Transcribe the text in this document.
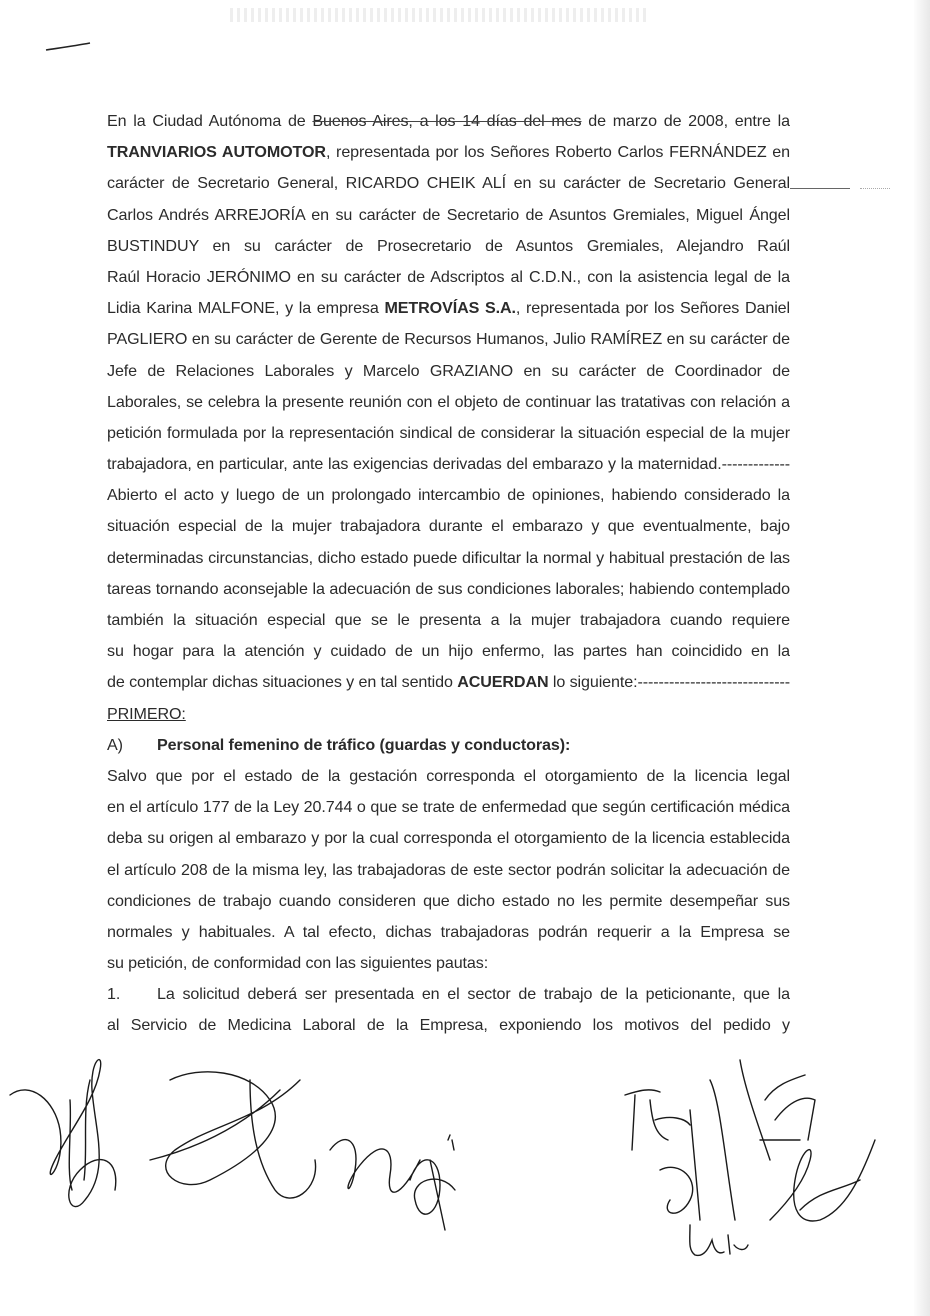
En la Ciudad Autónoma de Buenos Aires, a los 14 días del mes de marzo de 2008, entre la
TRANVIARIOS AUTOMOTOR, representada por los Señores Roberto Carlos FERNÁNDEZ en
carácter de Secretario General, RICARDO CHEIK ALÍ en su carácter de Secretario General
Carlos Andrés ARREJORÍA en su carácter de Secretario de Asuntos Gremiales, Miguel Ángel
BUSTINDUY en su carácter de Prosecretario de Asuntos Gremiales, Alejandro Raúl
Raúl Horacio JERÓNIMO en su carácter de Adscriptos al C.D.N., con la asistencia legal de la
Lidia Karina MALFONE, y la empresa METROVÍAS S.A., representada por los Señores Daniel
PAGLIERO en su carácter de Gerente de Recursos Humanos, Julio RAMÍREZ en su carácter de
Jefe de Relaciones Laborales y Marcelo GRAZIANO en su carácter de Coordinador de
Laborales, se celebra la presente reunión con el objeto de continuar las tratativas con relación a
petición formulada por la representación sindical de considerar la situación especial de la mujer
trabajadora, en particular, ante las exigencias derivadas del embarazo y la maternidad.-------------
Abierto el acto y luego de un prolongado intercambio de opiniones, habiendo considerado la
situación especial de la mujer trabajadora durante el embarazo y que eventualmente, bajo
determinadas circunstancias, dicho estado puede dificultar la normal y habitual prestación de las
tareas tornando aconsejable la adecuación de sus condiciones laborales; habiendo contemplado
también la situación especial que se le presenta a la mujer trabajadora cuando requiere
su hogar para la atención y cuidado de un hijo enfermo, las partes han coincidido en la
de contemplar dichas situaciones y en tal sentido ACUERDAN lo siguiente:-----------------------------
PRIMERO:
A) Personal femenino de tráfico (guardas y conductoras):
Salvo que por el estado de la gestación corresponda el otorgamiento de la licencia legal
en el artículo 177 de la Ley 20.744 o que se trate de enfermedad que según certificación médica
deba su origen al embarazo y por la cual corresponda el otorgamiento de la licencia establecida
el artículo 208 de la misma ley, las trabajadoras de este sector podrán solicitar la adecuación de
condiciones de trabajo cuando consideren que dicho estado no les permite desempeñar sus
normales y habituales. A tal efecto, dichas trabajadoras podrán requerir a la Empresa se
su petición, de conformidad con las siguientes pautas:
1. La solicitud deberá ser presentada en el sector de trabajo de la peticionante, que la
al Servicio de Medicina Laboral de la Empresa, exponiendo los motivos del pedido y
